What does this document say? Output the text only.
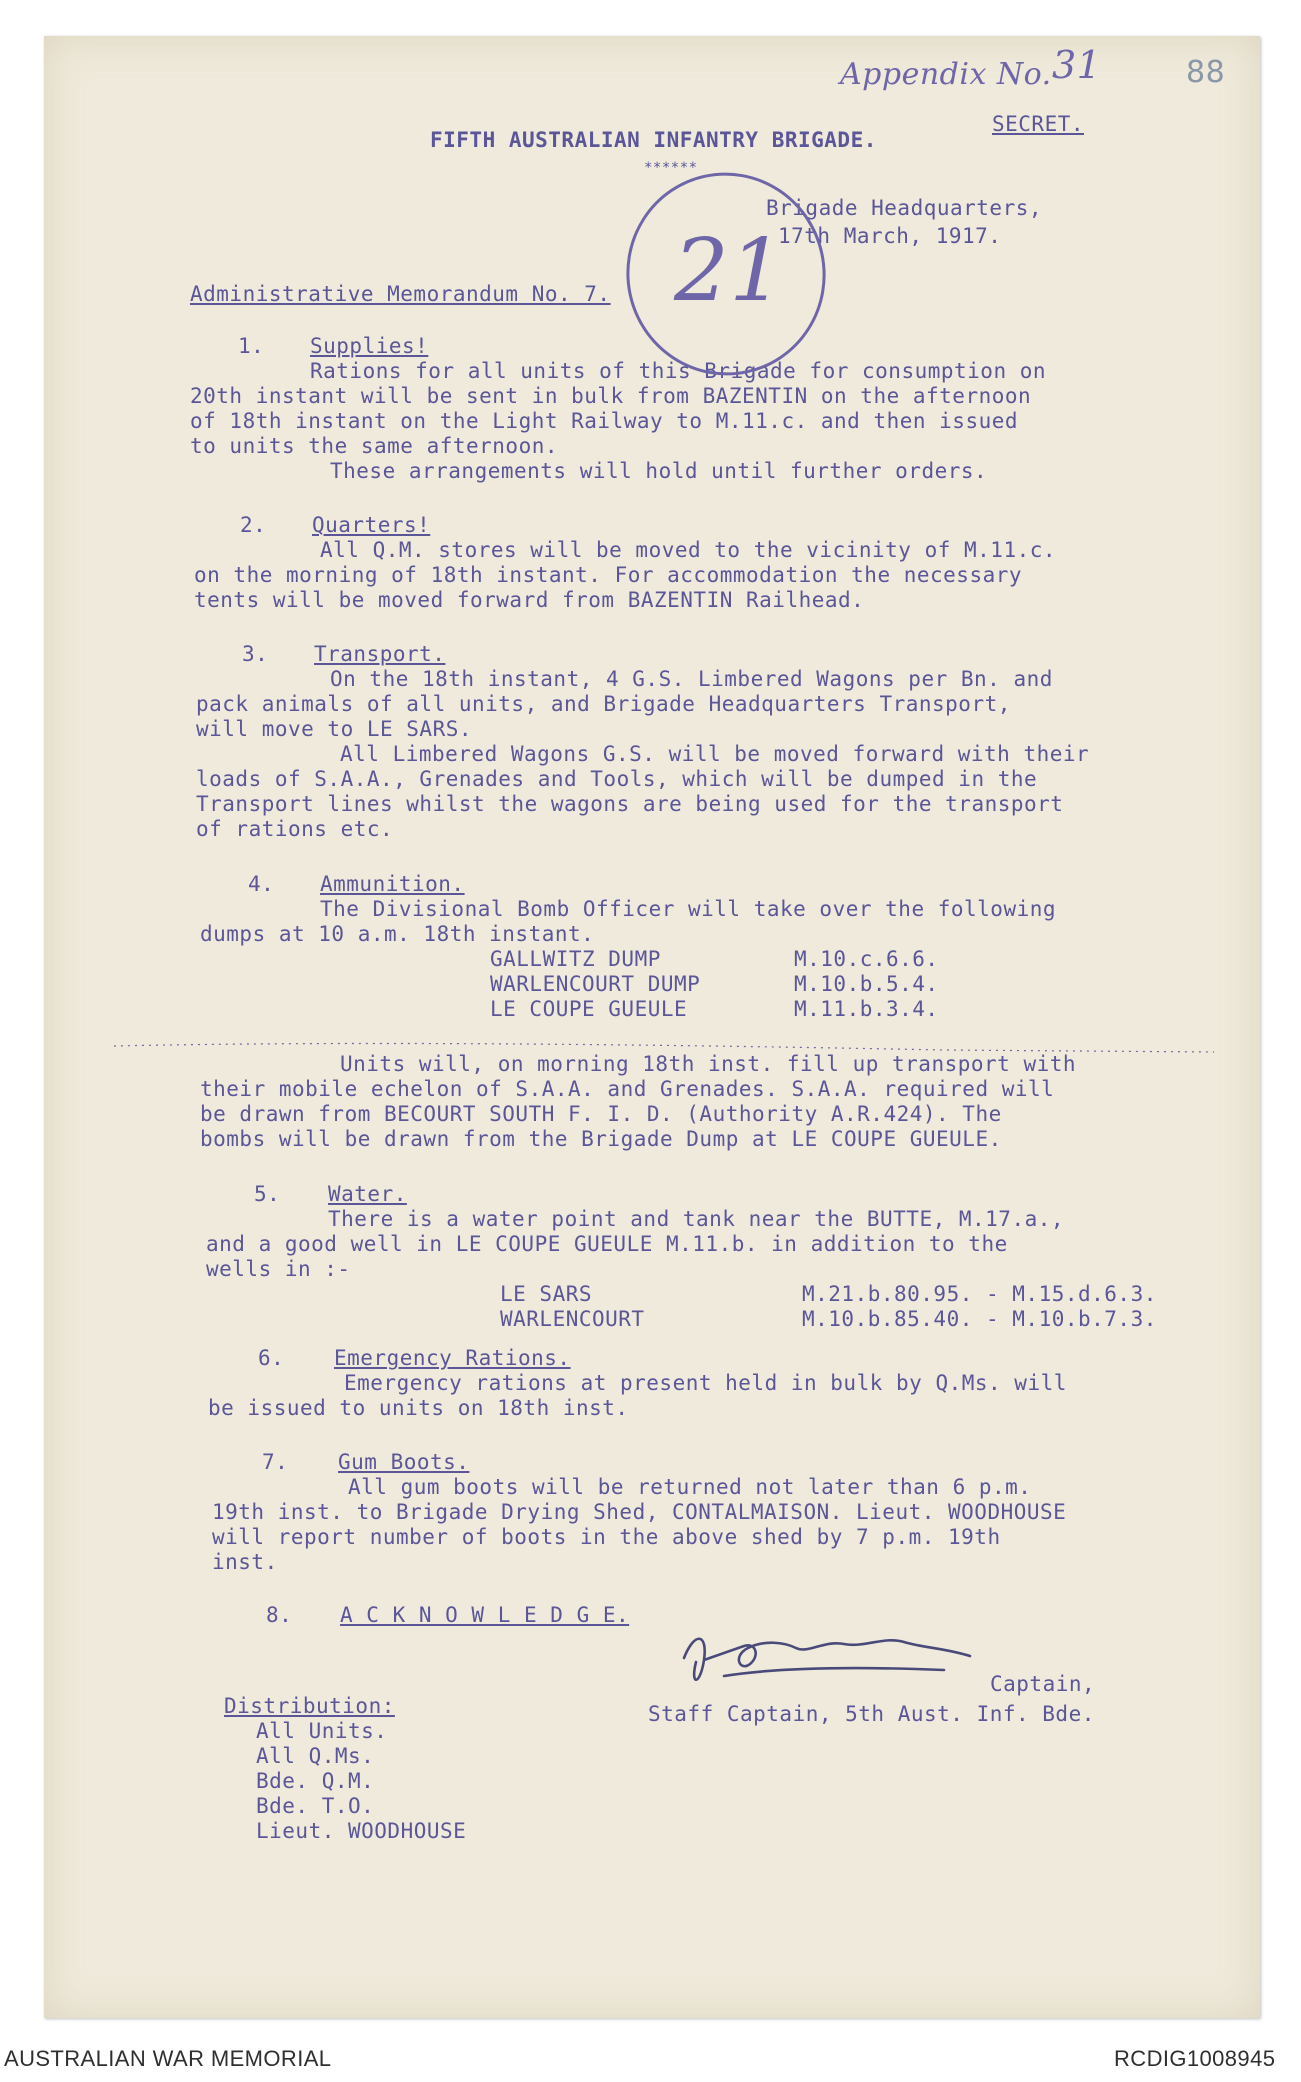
Appendix No. 31	88
SECRET.
FIFTH AUSTRALIAN INFANTRY BRIGADE.
******
Brigade Headquarters,
17th March, 1917.
21
Administrative Memorandum No. 7.
1. Supplies!
Rations for all units of this Brigade for consumption on
20th instant will be sent in bulk from BAZENTIN on the afternoon
of 18th instant on the Light Railway to M.11.c. and then issued
to units the same afternoon.
These arrangements will hold until further orders.
2. Quarters!
All Q.M. stores will be moved to the vicinity of M.11.c.
on the morning of 18th instant. For accommodation the necessary
tents will be moved forward from BAZENTIN Railhead.
3. Transport.
On the 18th instant, 4 G.S. Limbered Wagons per Bn. and
pack animals of all units, and Brigade Headquarters Transport,
will move to LE SARS.
All Limbered Wagons G.S. will be moved forward with their
loads of S.A.A., Grenades and Tools, which will be dumped in the
Transport lines whilst the wagons are being used for the transport
of rations etc.
4. Ammunition.
The Divisional Bomb Officer will take over the following
dumps at 10 a.m. 18th instant.
GALLWITZ DUMP	M.10.c.6.6.
WARLENCOURT DUMP	M.10.b.5.4.
LE COUPE GUEULE	M.11.b.3.4.
Units will, on morning 18th inst. fill up transport with
their mobile echelon of S.A.A. and Grenades. S.A.A. required will
be drawn from BECOURT SOUTH F. I. D. (Authority A.R.424). The
bombs will be drawn from the Brigade Dump at LE COUPE GUEULE.
5. Water.
There is a water point and tank near the BUTTE, M.17.a.,
and a good well in LE COUPE GUEULE M.11.b. in addition to the
wells in :-
LE SARS	M.21.b.80.95. - M.15.d.6.3.
WARLENCOURT	M.10.b.85.40. - M.10.b.7.3.
6. Emergency Rations.
Emergency rations at present held in bulk by Q.Ms. will
be issued to units on 18th inst.
7. Gum Boots.
All gum boots will be returned not later than 6 p.m.
19th inst. to Brigade Drying Shed, CONTALMAISON. Lieut. WOODHOUSE
will report number of boots in the above shed by 7 p.m. 19th
inst.
8. A C K N O W L E D G E.
Captain,
Staff Captain, 5th Aust. Inf. Bde.
Distribution:
All Units.
All Q.Ms.
Bde. Q.M.
Bde. T.O.
Lieut. WOODHOUSE
AUSTRALIAN WAR MEMORIAL	RCDIG1008945
